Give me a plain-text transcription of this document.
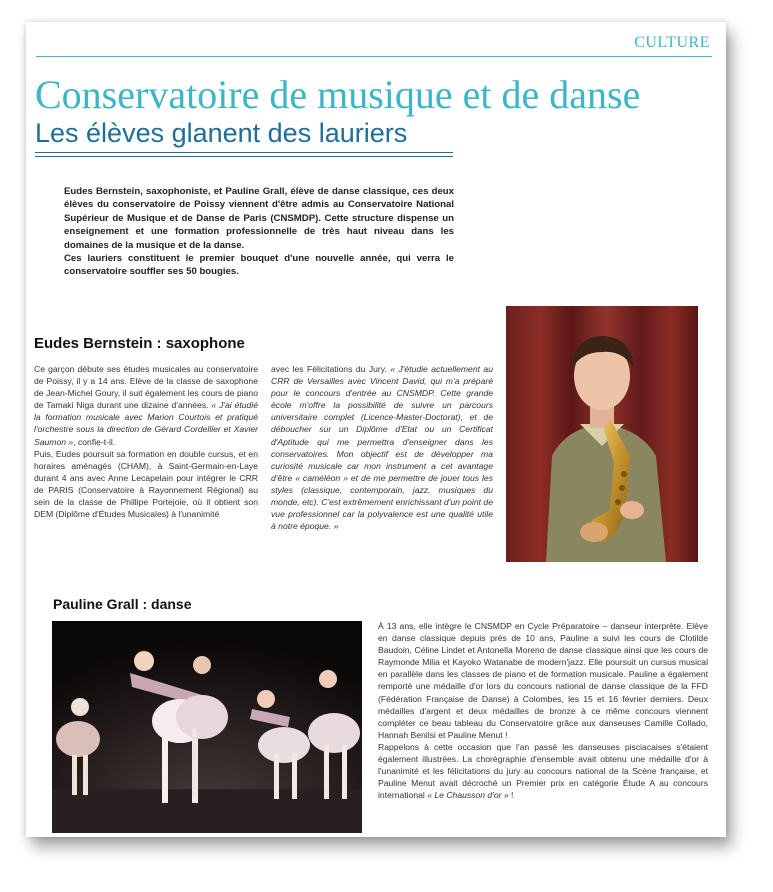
CULTURE
Conservatoire de musique et de danse
Les élèves glanent des lauriers
Eudes Bernstein, saxophoniste, et Pauline Grall, élève de danse classique, ces deux élèves du conservatoire de Poissy viennent d'être admis au Conservatoire National Supérieur de Musique et de Danse de Paris (CNSMDP). Cette structure dispense un enseignement et une formation professionnelle de très haut niveau dans les domaines de la musique et de la danse.
Ces lauriers constituent le premier bouquet d'une nouvelle année, qui verra le conservatoire souffler ses 50 bougies.
Eudes Bernstein : saxophone

Ce garçon débute ses études musicales au conservatoire de Poissy, il y a 14 ans. Elève de la classe de saxophone de Jean-Michel Goury, il suit également les cours de piano de Tamaki Niga durant une dizaine d'années. « J'ai étudié la formation musicale avec Marion Courtois et pratiqué l'orchestre sous la direction de Gérard Cordellier et Xavier Saumon », confie-t-il.

Puis, Eudes poursuit sa formation en double cursus, et en horaires aménagés (CHAM), à Saint-Germain-en-Laye durant 4 ans avec Anne Lecapelain pour intégrer le CRR de PARIS (Conservatoire à Rayonnement Régional) au sein de la classe de Phillipe Portejoie, où il obtient son DEM (Diplôme d'Études Musicales) à l'unanimité

avec les Félicitations du Jury. « J'étudie actuellement au CRR de Versailles avec Vincent David, qui m'a préparé pour le concours d'entrée au CNSMDP. Cette grande école m'offre la possibilité de suivre un parcours universitaire complet (Licence-Master-Doctorat), et de déboucher sur un Diplôme d'Etat ou un Certificat d'Aptitude qui me permettra d'enseigner dans les conservatoires. Mon objectif est de développer ma curiosité musicale car mon instrument a cet avantage d'être « caméléon » et de me permettre de jouer tous les styles (classique, contemporain, jazz, musiques du monde, etc). C'est extrêmement enrichissant d'un point de vue professionnel car la polyvalence est une qualité utile à notre époque. »

Pauline Grall : danse

À 13 ans, elle intègre le CNSMDP en Cycle Préparatoire – danseur interprète. Elève en danse classique depuis près de 10 ans, Pauline a suivi les cours de Clotilde Baudoin, Céline Lindet et Antonella Moreno de danse classique ainsi que les cours de Raymonde Milia et Kayoko Watanabe de modern'jazz. Elle poursuit un cursus musical en parallèle dans les classes de piano et de formation musicale. Pauline a également remporté une médaille d'or lors du concours national de danse classique de la FFD (Fédération Française de Danse) à Colombes, les 15 et 16 février derniers. Deux médailles d'argent et deux médailles de bronze à ce même concours viennent compléter ce beau tableau du Conservatoire grâce aux danseuses Camille Collado, Hannah Benilsi et Pauline Menut !

Rappelons à cette occasion que l'an passé les danseuses pisciacaises s'étaient également illustrées. La chorégraphie d'ensemble avait obtenu une médaille d'or à l'unanimité et les félicitations du jury au concours national de la Scène française, et Pauline Menut avait décroché un Premier prix en catégorie Étude A au concours international « Le Chausson d'or » !
